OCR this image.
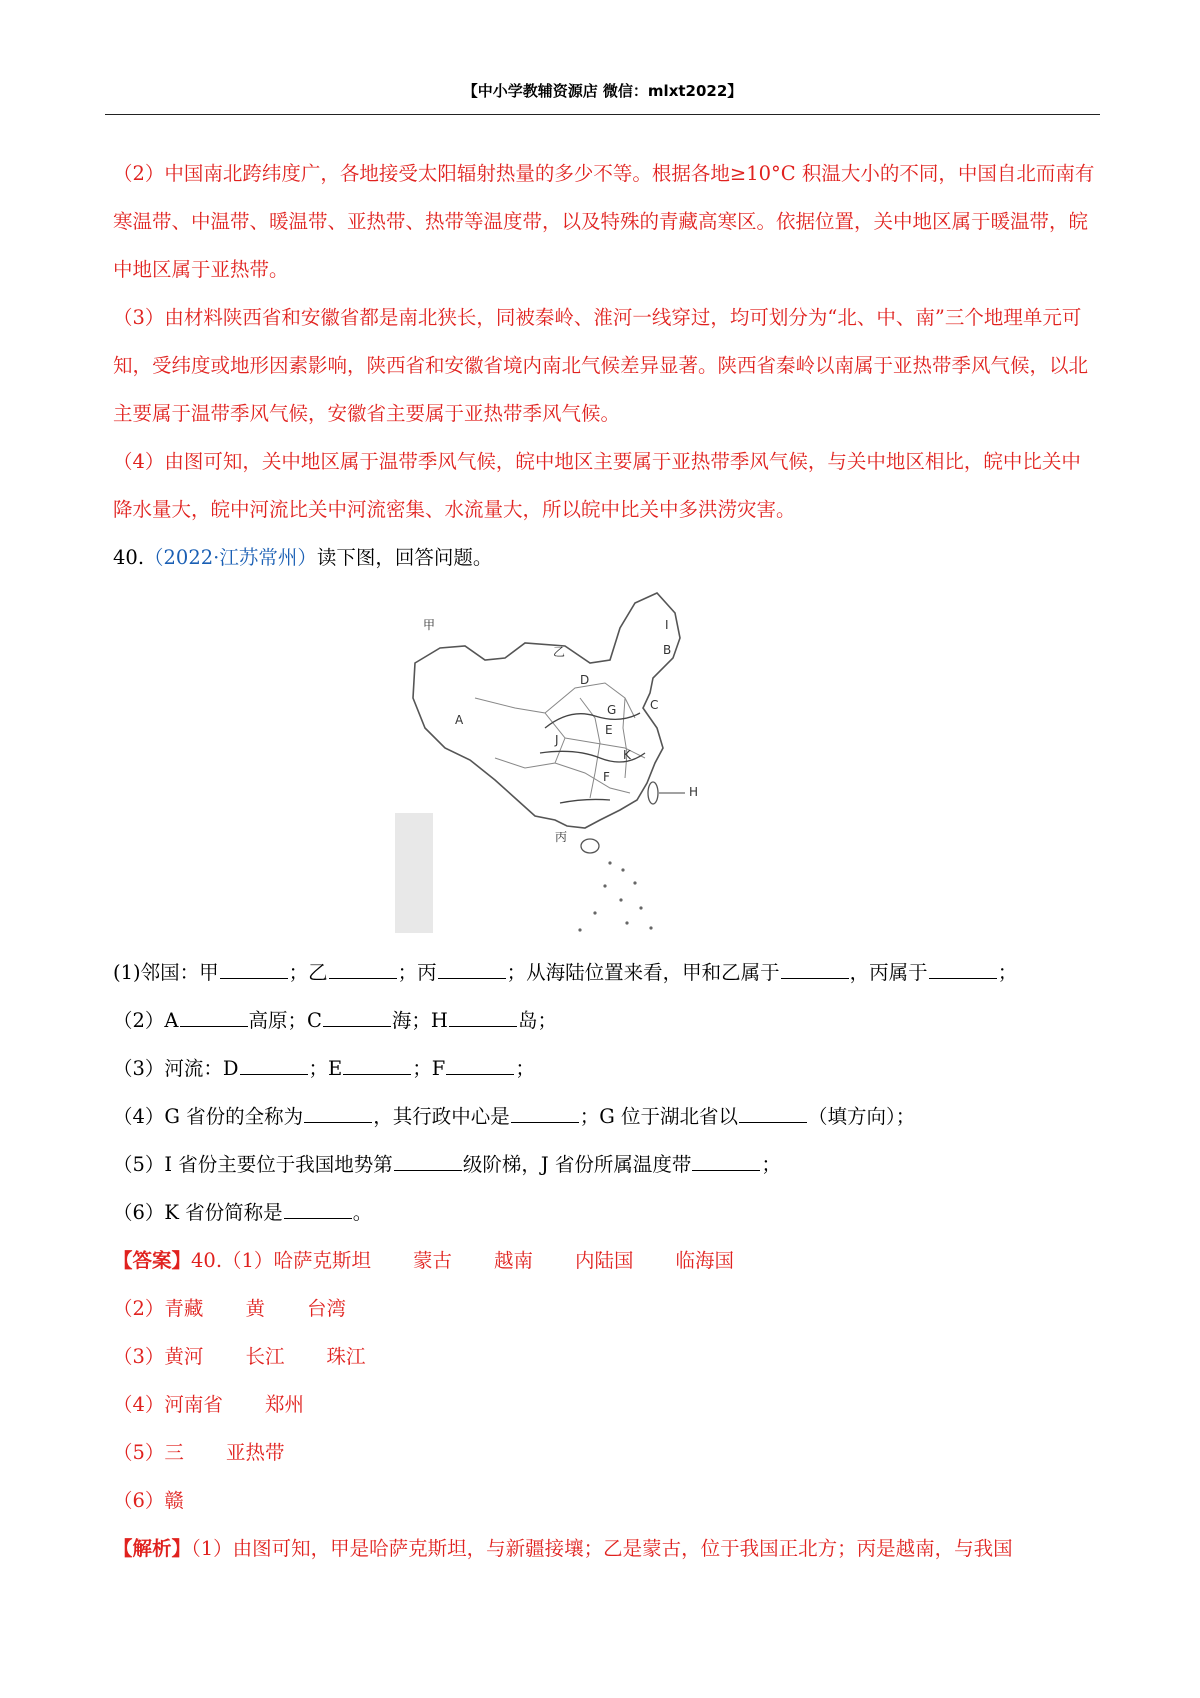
【中小学教辅资源店 微信：mlxt2022】

（2）中国南北跨纬度广，各地接受太阳辐射热量的多少不等。根据各地≥10°C 积温大小的不同，中国自北而南有寒温带、中温带、暖温带、亚热带、热带等温度带，以及特殊的青藏高寒区。依据位置，关中地区属于暖温带，皖中地区属于亚热带。

（3）由材料陕西省和安徽省都是南北狭长，同被秦岭、淮河一线穿过，均可划分为“北、中、南”三个地理单元可知，受纬度或地形因素影响，陕西省和安徽省境内南北气候差异显著。陕西省秦岭以南属于亚热带季风气候，以北主要属于温带季风气候，安徽省主要属于亚热带季风气候。

（4）由图可知，关中地区属于温带季风气候，皖中地区主要属于亚热带季风气候，与关中地区相比，皖中比关中降水量大，皖中河流比关中河流密集、水流量大，所以皖中比关中多洪涝灾害。

40.（2022·江苏常州）读下图，回答问题。

甲
乙
丙
A
B
C
D
E
F
G
H
I
J
K

(1)邻国：甲	；乙	；丙	；从海陆位置来看，甲和乙属于	，丙属于	；

（2）A	高原；C	海；H	岛；

（3）河流：D	；E	；F	；

（4）G 省份的全称为	，其行政中心是	；G 位于湖北省以	（填方向）；

（5）I 省份主要位于我国地势第	级阶梯，J 省份所属温度带	；

（6）K 省份简称是	。

【答案】40.（1）哈萨克斯坦 蒙古 越南 内陆国 临海国

（2）青藏 黄 台湾

（3）黄河 长江 珠江

（4）河南省 郑州

（5）三 亚热带

（6）赣

【解析】（1）由图可知，甲是哈萨克斯坦，与新疆接壤；乙是蒙古，位于我国正北方；丙是越南，与我国
